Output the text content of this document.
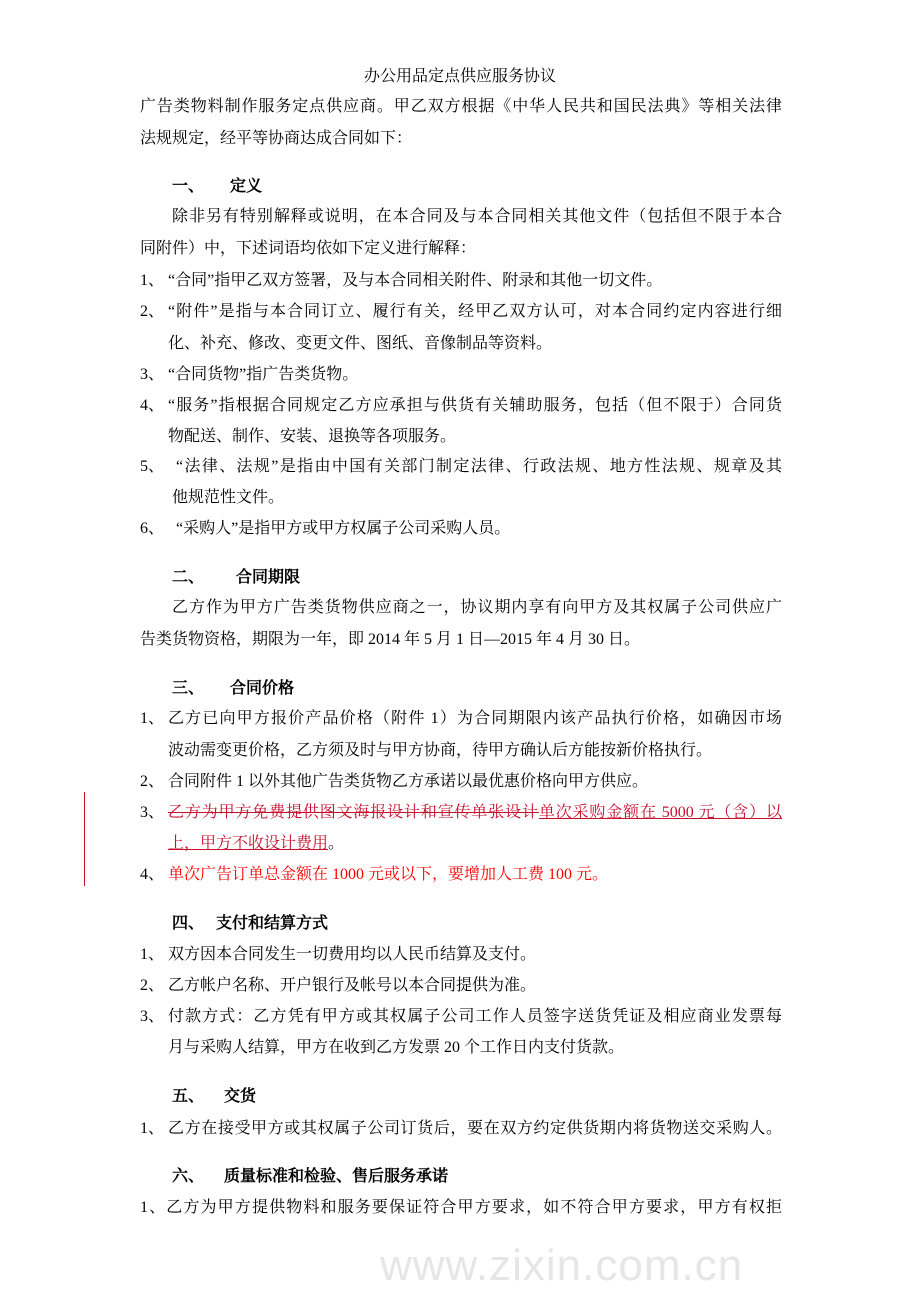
www.zixin.com.cn
办公用品定点供应服务协议
广告类物料制作服务定点供应商。甲乙双方根据《中华人民共和国民法典》等相关法律
法规规定，经平等协商达成合同如下：
一、 定义
除非另有特别解释或说明，在本合同及与本合同相关其他文件（包括但不限于本合
同附件）中，下述词语均依如下定义进行解释：
1、 “合同”指甲乙双方签署，及与本合同相关附件、附录和其他一切文件。
2、 “附件”是指与本合同订立、履行有关，经甲乙双方认可，对本合同约定内容进行细
化、补充、修改、变更文件、图纸、音像制品等资料。
3、 “合同货物”指广告类货物。
4、 “服务”指根据合同规定乙方应承担与供货有关辅助服务，包括（但不限于）合同货
物配送、制作、安装、退换等各项服务。
5、 “法律、法规”是指由中国有关部门制定法律、行政法规、地方性法规、规章及其
他规范性文件。
6、 “采购人”是指甲方或甲方权属子公司采购人员。
二、 合同期限
乙方作为甲方广告类货物供应商之一，协议期内享有向甲方及其权属子公司供应广
告类货物资格，期限为一年，即 2014 年 5 月 1 日—2015 年 4 月 30 日。
三、 合同价格
1、 乙方已向甲方报价产品价格（附件 1）为合同期限内该产品执行价格，如确因市场
波动需变更价格，乙方须及时与甲方协商，待甲方确认后方能按新价格执行。
2、 合同附件 1 以外其他广告类货物乙方承诺以最优惠价格向甲方供应。
3、 乙方为甲方免费提供图文海报设计和宣传单张设计单次采购金额在 5000 元（含）以
上，甲方不收设计费用。
4、 单次广告订单总金额在 1000 元或以下，要增加人工费 100 元。
四、 支付和结算方式
1、 双方因本合同发生一切费用均以人民币结算及支付。
2、 乙方帐户名称、开户银行及帐号以本合同提供为准。
3、 付款方式：乙方凭有甲方或其权属子公司工作人员签字送货凭证及相应商业发票每
月与采购人结算，甲方在收到乙方发票 20 个工作日内支付货款。
五、 交货
1、 乙方在接受甲方或其权属子公司订货后，要在双方约定供货期内将货物送交采购人。
六、 质量标准和检验、售后服务承诺
1、乙方为甲方提供物料和服务要保证符合甲方要求，如不符合甲方要求，甲方有权拒
